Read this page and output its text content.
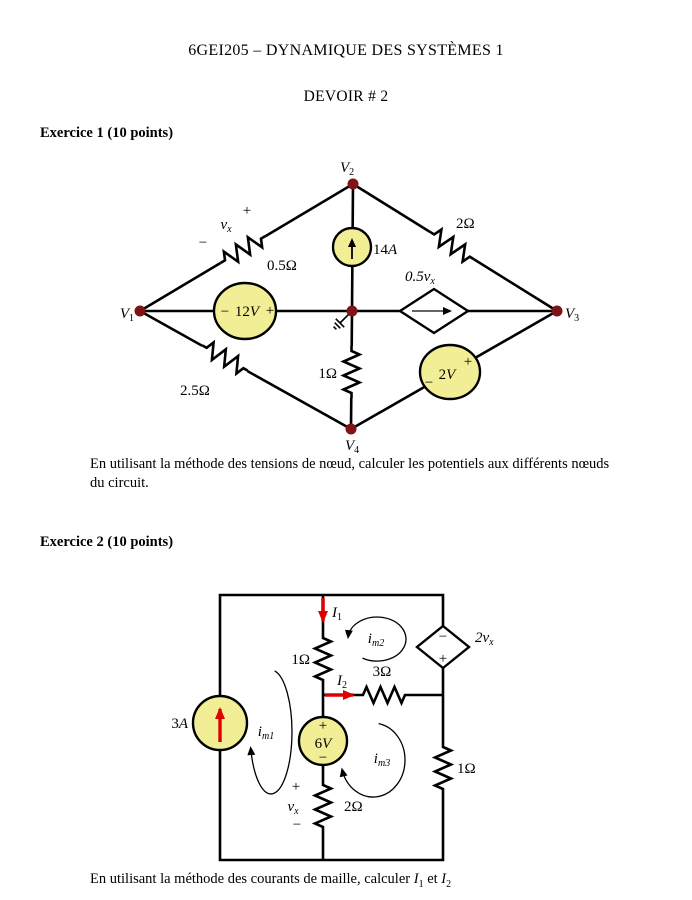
6GEI205 – DYNAMIQUE DES SYSTÈMES 1
DEVOIR # 2
Exercice 1 (10 points)
14A
− 12V +
$0.5v_x$
+
2V
−
$V_1$
$V_2$
$V_3$
$V_4$
+
$v_x$
−
0.5Ω
2Ω
2.5Ω
1Ω
En utilisant la méthode des tensions de nœud, calculer les potentiels aux différents nœuds
du circuit.
Exercice 2 (10 points)
3A	+
6V
−
−
+
$2v_x$
$I_1$
$I_2$
$i_{m1}$
$i_{m2}$
$i_{m3}$
+
$v_x$
−
1Ω
3Ω
1Ω
2Ω
En utilisant la méthode des courants de maille, calculer $I_1$ et $I_2$
